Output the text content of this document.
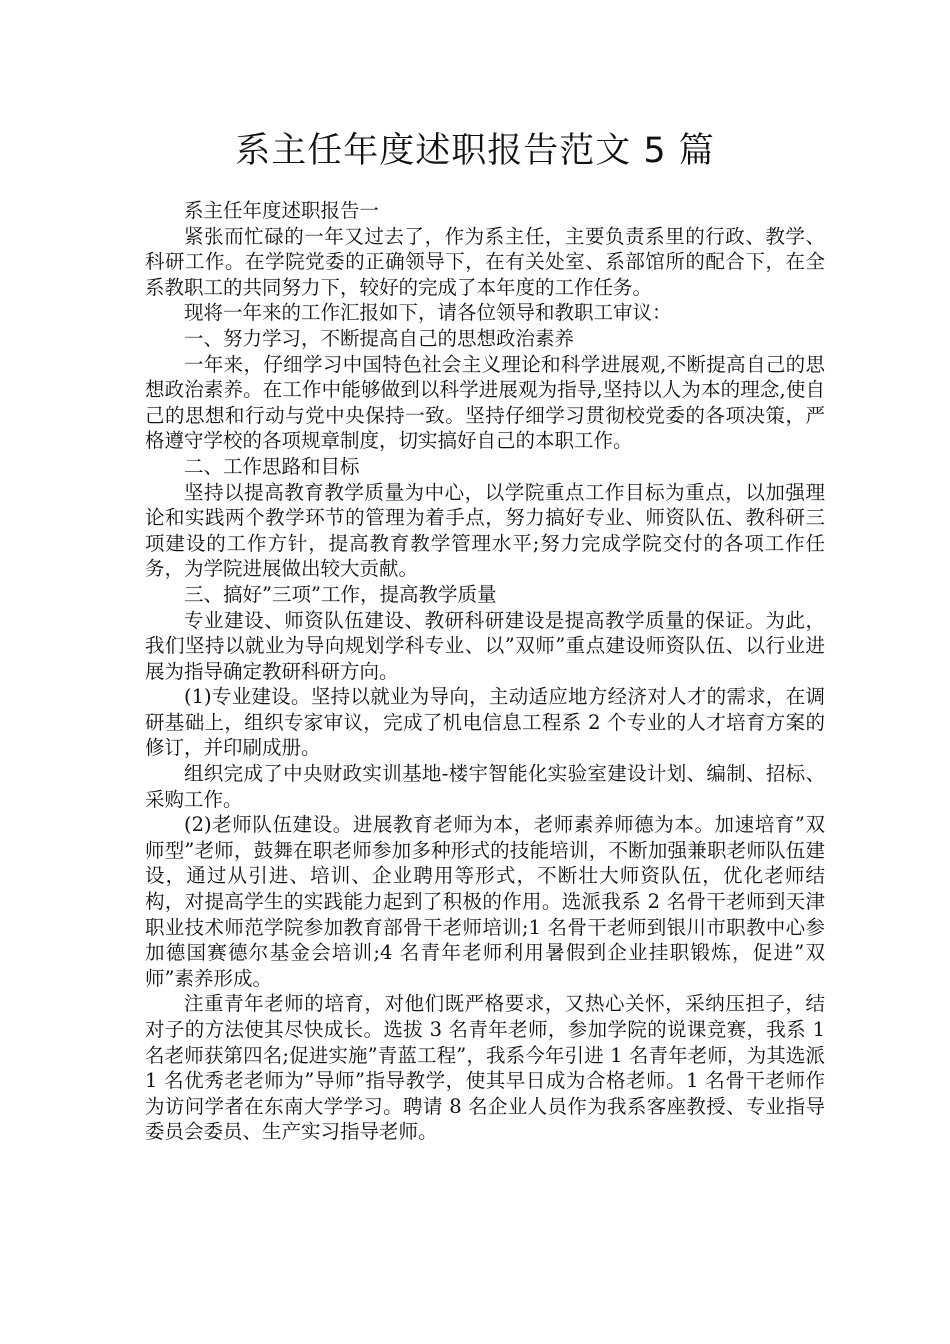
系主任年度述职报告范文 5 篇

系主任年度述职报告一

紧张而忙碌的一年又过去了，作为系主任，主要负责系里的行政、教学、科研工作。在学院党委的正确领导下，在有关处室、系部馆所的配合下，在全系教职工的共同努力下，较好的完成了本年度的工作任务。

现将一年来的工作汇报如下，请各位领导和教职工审议：

一、努力学习，不断提高自己的思想政治素养

一年来，仔细学习中国特色社会主义理论和科学进展观,不断提高自己的思想政治素养。在工作中能够做到以科学进展观为指导,坚持以人为本的理念,使自己的思想和行动与党中央保持一致。坚持仔细学习贯彻校党委的各项决策，严格遵守学校的各项规章制度，切实搞好自己的本职工作。

二、工作思路和目标

坚持以提高教育教学质量为中心，以学院重点工作目标为重点，以加强理论和实践两个教学环节的管理为着手点，努力搞好专业、师资队伍、教科研三项建设的工作方针，提高教育教学管理水平;努力完成学院交付的各项工作任务，为学院进展做出较大贡献。

三、搞好”三项”工作，提高教学质量

专业建设、师资队伍建设、教研科研建设是提高教学质量的保证。为此，我们坚持以就业为导向规划学科专业、以”双师”重点建设师资队伍、以行业进展为指导确定教研科研方向。

(1)专业建设。坚持以就业为导向，主动适应地方经济对人才的需求，在调研基础上，组织专家审议，完成了机电信息工程系 2 个专业的人才培育方案的修订，并印刷成册。

组织完成了中央财政实训基地-楼宇智能化实验室建设计划、编制、招标、采购工作。

(2)老师队伍建设。进展教育老师为本，老师素养师德为本。加速培育”双师型”老师，鼓舞在职老师参加多种形式的技能培训，不断加强兼职老师队伍建设，通过从引进、培训、企业聘用等形式，不断壮大师资队伍，优化老师结构，对提高学生的实践能力起到了积极的作用。选派我系 2 名骨干老师到天津职业技术师范学院参加教育部骨干老师培训;1 名骨干老师到银川市职教中心参加德国赛德尔基金会培训;4 名青年老师利用暑假到企业挂职锻炼，促进”双师”素养形成。

注重青年老师的培育，对他们既严格要求，又热心关怀，采纳压担子，结对子的方法使其尽快成长。选拔 3 名青年老师，参加学院的说课竞赛，我系 1 名老师获第四名;促进实施”青蓝工程”，我系今年引进 1 名青年老师，为其选派 1 名优秀老老师为”导师”指导教学，使其早日成为合格老师。1 名骨干老师作为访问学者在东南大学学习。聘请 8 名企业人员作为我系客座教授、专业指导委员会委员、生产实习指导老师。
